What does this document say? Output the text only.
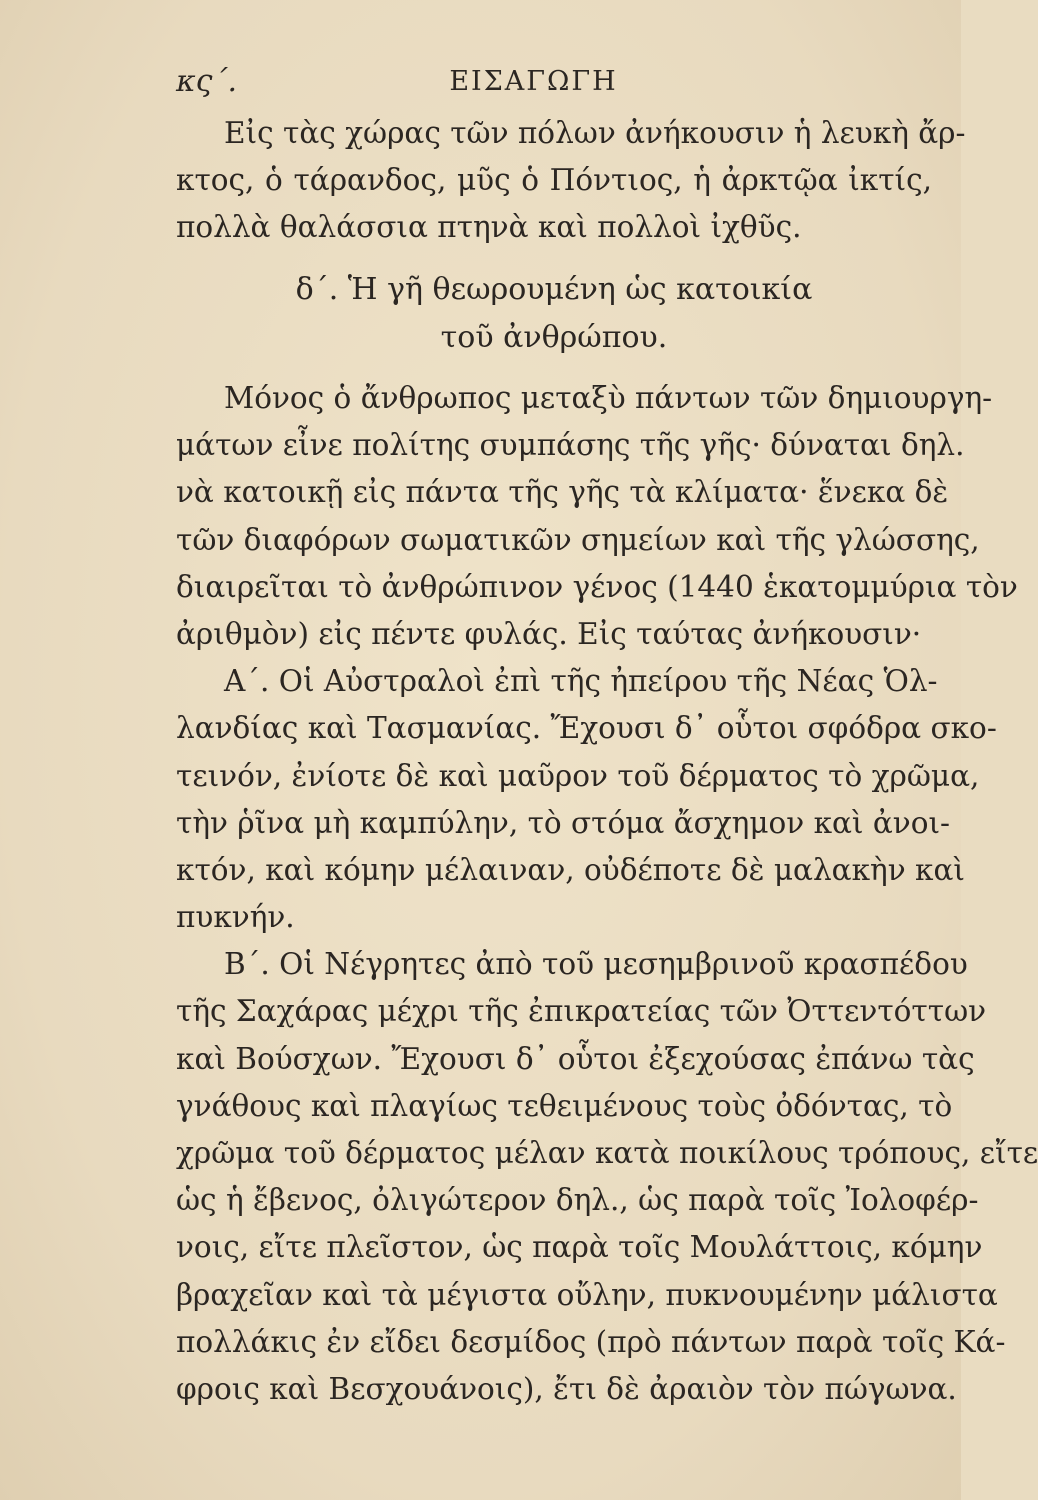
κς΄.	ΕΙΣΑΓΩΓΗ
Εἰς τὰς χώρας τῶν πόλων ἀνήκουσιν ἡ λευκὴ ἄρ-
κτος, ὁ τάρανδος, μῦς ὁ Πόντιος, ἡ ἀρκτῷα ἰκτίς,
πολλὰ θαλάσσια πτηνὰ καὶ πολλοὶ ἰχθῦς.
δ΄. Ἡ γῆ θεωρουμένη ὡς κατοικία
τοῦ ἀνθρώπου.
Μόνος ὁ ἄνθρωπος μεταξὺ πάντων τῶν δημιουργη-
μάτων εἶνε πολίτης συμπάσης τῆς γῆς· δύναται δηλ.
νὰ κατοικῇ εἰς πάντα τῆς γῆς τὰ κλίματα· ἕνεκα δὲ
τῶν διαφόρων σωματικῶν σημείων καὶ τῆς γλώσσης,
διαιρεῖται τὸ ἀνθρώπινον γένος (1440 ἑκατομμύρια τὸν
ἀριθμὸν) εἰς πέντε φυλάς. Εἰς ταύτας ἀνήκουσιν·
Α΄. Οἱ Αὐστραλοὶ ἐπὶ τῆς ἠπείρου τῆς Νέας Ὁλ-
λανδίας καὶ Τασμανίας. Ἔχουσι δ᾽ οὗτοι σφόδρα σκο-
τεινόν, ἐνίοτε δὲ καὶ μαῦρον τοῦ δέρματος τὸ χρῶμα,
τὴν ῥῖνα μὴ καμπύλην, τὸ στόμα ἄσχημον καὶ ἀνοι-
κτόν, καὶ κόμην μέλαιναν, οὐδέποτε δὲ μαλακὴν καὶ
πυκνήν.
Β΄. Οἱ Νέγρητες ἀπὸ τοῦ μεσημβρινοῦ κρασπέδου
τῆς Σαχάρας μέχρι τῆς ἐπικρατείας τῶν Ὀττεντόττων
καὶ Βούσχων. Ἔχουσι δ᾽ οὗτοι ἐξεχούσας ἐπάνω τὰς
γνάθους καὶ πλαγίως τεθειμένους τοὺς ὀδόντας, τὸ
χρῶμα τοῦ δέρματος μέλαν κατὰ ποικίλους τρόπους, εἴτε
ὡς ἡ ἔβενος, ὀλιγώτερον δηλ., ὡς παρὰ τοῖς Ἰολοφέρ-
νοις, εἴτε πλεῖστον, ὡς παρὰ τοῖς Μουλάττοις, κόμην
βραχεῖαν καὶ τὰ μέγιστα οὔλην, πυκνουμένην μάλιστα
πολλάκις ἐν εἴδει δεσμίδος (πρὸ πάντων παρὰ τοῖς Κά-
φροις καὶ Βεσχουάνοις), ἔτι δὲ ἀραιὸν τὸν πώγωνα.
